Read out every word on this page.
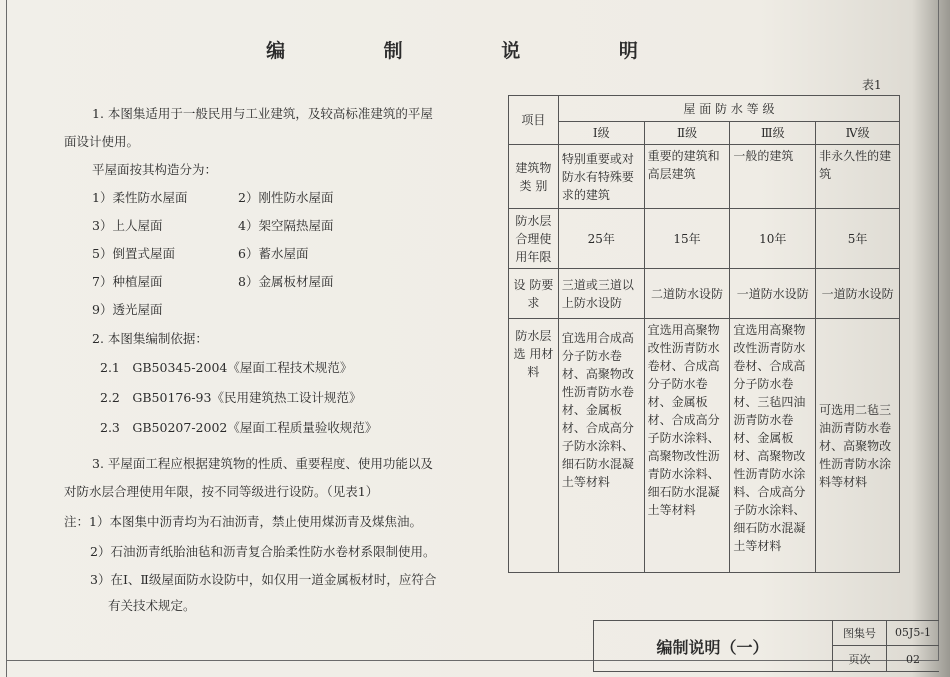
编 制 说 明
1. 本图集适用于一般民用与工业建筑，及较高标准建筑的平屋
面设计使用。
平屋面按其构造分为：
1）柔性防水屋面	2）刚性防水屋面
3）上人屋面	4）架空隔热屋面
5）倒置式屋面	6）蓄水屋面
7）种植屋面	8）金属板材屋面
9）透光屋面
2. 本图集编制依据：
2.1　GB50345-2004《屋面工程技术规范》
2.2　GB50176-93《民用建筑热工设计规范》
2.3　GB50207-2002《屋面工程质量验收规范》
3. 平屋面工程应根据建筑物的性质、重要程度、使用功能以及
对防水层合理使用年限，按不同等级进行设防。（见表1）
注：1）本图集中沥青均为石油沥青，禁止使用煤沥青及煤焦油。
2）石油沥青纸胎油毡和沥青复合胎柔性防水卷材系限制使用。
3）在Ⅰ、Ⅱ级屋面防水设防中，如仅用一道金属板材时，应符合
有关技术规定。
表1
项目	屋 面 防 水 等 级			
	Ⅰ级	Ⅱ级	Ⅲ级	Ⅳ级
建筑物类 别	特别重要或对防水有特殊要求的建筑	重要的建筑和高层建筑	一般的建筑	非永久性的建筑
防水层合理使用年限	25年	15年	10年	5年
设 防要 求	三道或三道以上防水设防	二道防水设防	一道防水设防	一道防水设防
防水层选 用材 料	宜选用合成高分子防水卷材、高聚物改性沥青防水卷材、金属板材、合成高分子防水涂料、细石防水混凝土等材料	宜选用高聚物改性沥青防水卷材、合成高分子防水卷材、金属板材、合成高分子防水涂料、高聚物改性沥青防水涂料、细石防水混凝土等材料	宜选用高聚物改性沥青防水卷材、合成高分子防水卷材、三毡四油沥青防水卷材、金属板材、高聚物改性沥青防水涂料、合成高分子防水涂料、细石防水混凝土等材料	可选用二毡三油沥青防水卷材、高聚物改性沥青防水涂料等材料
编制说明（一）
图集号	05J5-1
页次	02
